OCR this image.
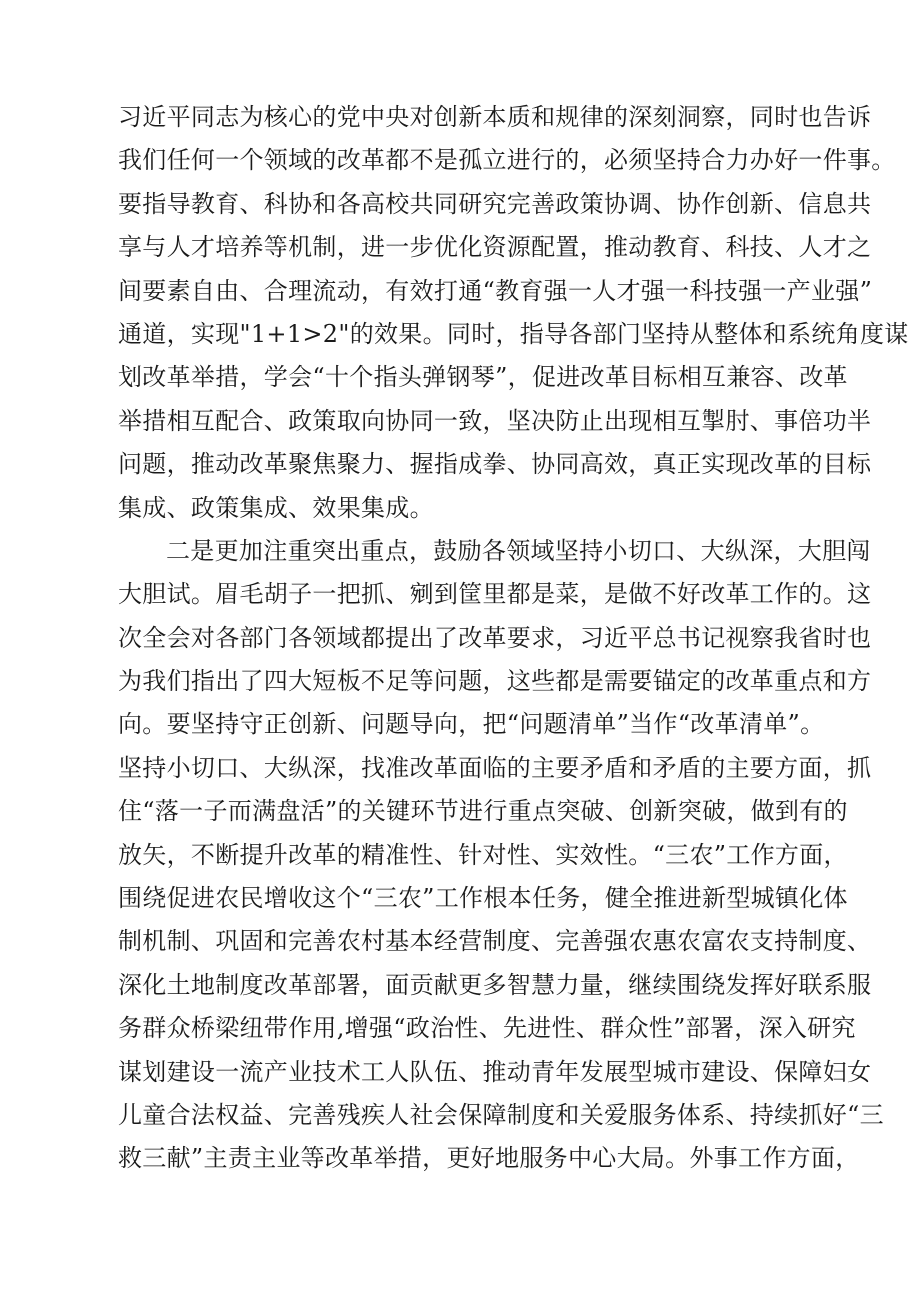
习近平同志为核心的党中央对创新本质和规律的深刻洞察，同时也告诉
我们任何一个领域的改革都不是孤立进行的，必须坚持合力办好一件事。
要指导教育、科协和各高校共同研究完善政策协调、协作创新、信息共
享与人才培养等机制，进一步优化资源配置，推动教育、科技、人才之
间要素自由、合理流动，有效打通“教育强一人才强一科技强一产业强”
通道，实现"1+1>2"的效果。同时，指导各部门坚持从整体和系统角度谋
划改革举措，学会“十个指头弹钢琴”，促进改革目标相互兼容、改革
举措相互配合、政策取向协同一致，坚决防止出现相互掣肘、事倍功半
问题，推动改革聚焦聚力、握指成拳、协同高效，真正实现改革的目标
集成、政策集成、效果集成。
二是更加注重突出重点，鼓励各领域坚持小切口、大纵深，大胆闯
大胆试。眉毛胡子一把抓、剜到筐里都是菜，是做不好改革工作的。这
次全会对各部门各领域都提出了改革要求，习近平总书记视察我省时也
为我们指出了四大短板不足等问题，这些都是需要锚定的改革重点和方
向。要坚持守正创新、问题导向，把“问题清单”当作“改革清单”。
坚持小切口、大纵深，找准改革面临的主要矛盾和矛盾的主要方面，抓
住“落一子而满盘活”的关键环节进行重点突破、创新突破，做到有的
放矢，不断提升改革的精准性、针对性、实效性。“三农”工作方面，
围绕促进农民增收这个“三农”工作根本任务，健全推进新型城镇化体
制机制、巩固和完善农村基本经营制度、完善强农惠农富农支持制度、
深化土地制度改革部署，面贡献更多智慧力量，继续围绕发挥好联系服
务群众桥梁纽带作用,增强“政治性、先进性、群众性”部署，深入研究
谋划建设一流产业技术工人队伍、推动青年发展型城市建设、保障妇女
儿童合法权益、完善残疾人社会保障制度和关爱服务体系、持续抓好“三
救三献”主责主业等改革举措，更好地服务中心大局。外事工作方面，
